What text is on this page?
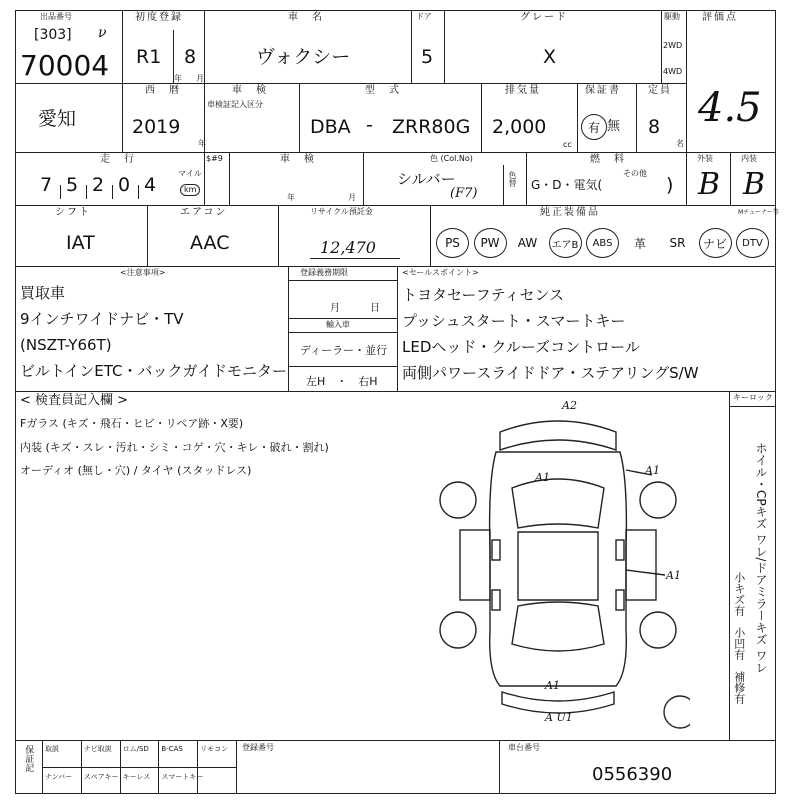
出品番号
[303]
70004
ν
初度登録
R1 8
年 月
車　名
ヴォクシー
ドア
5
グレード
X
駆動
2WD
4WD
評価点
4.5
愛知
西　暦
2019
年
車　検
車検証記入区分
型　式
DBA - ZRR80G
排気量
2,000
cc
保証書
有 無
定員
8
名
走　行
7 5 2 0 4
マイル
km
$#9	車　検
年	月
色 (Col.No)
シルバー
(F7)
色替
燃　料
G・D・電気(
その他
)
外装
B
内装
B
シフト
IAT
エアコン
AAC
リサイクル預託金
12,470
純正装備品	Mチューナー等
PS	PW	AW	エアB	ABS	革	SR	ナビ	DTV
<注意事項>
買取車
9インチワイドナビ・TV
(NSZT-Y66T)
ビルトインETC・バックガイドモニター
登録義務期限
月　　　日
輸入車
ディーラー・並行
左H　・　右H
<セールスポイント>
トヨタセーフティセンス
プッシュスタート・スマートキー
LEDヘッド・クルーズコントロール
両側パワースライドドア・ステアリングS/W
< 検査員記入欄 >
Fガラス (キズ・飛石・ヒビ・リペア跡・X要)
内装 (キズ・スレ・汚れ・シミ・コゲ・穴・キレ・破れ・割れ)
オーディオ (無し・穴) / タイヤ (スタッドレス)
キーロック
ホイル・CPキズ ワレ/ドアミラーキズ ワレ
小キズ有　小凹有　補修有
A2
A1
A1
A1
A1
A U1
保証記 取説	ナビ取説 ロム/SD B-CAS リモコン
ナンバー スペアキー キーレス スマートキー
登録番号	車台番号
0556390
